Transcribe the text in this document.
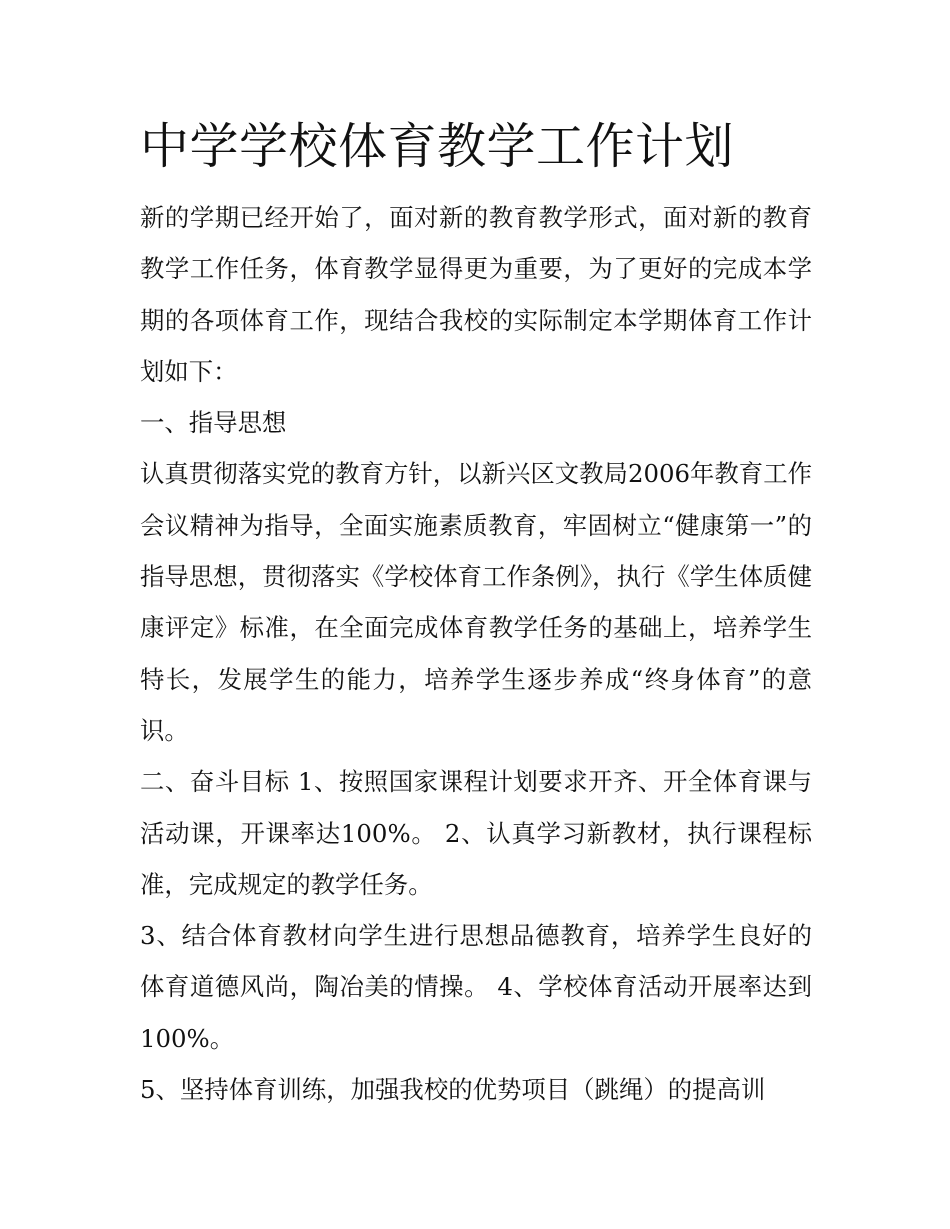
中学学校体育教学工作计划

新的学期已经开始了，面对新的教育教学形式，面对新的教育教学工作任务，体育教学显得更为重要，为了更好的完成本学期的各项体育工作，现结合我校的实际制定本学期体育工作计划如下：

一、指导思想

认真贯彻落实党的教育方针，以新兴区文教局2006年教育工作会议精神为指导，全面实施素质教育，牢固树立“健康第一”的指导思想，贯彻落实《学校体育工作条例》，执行《学生体质健康评定》标准，在全面完成体育教学任务的基础上，培养学生特长，发展学生的能力，培养学生逐步养成“终身体育”的意识。

二、奋斗目标 1、按照国家课程计划要求开齐、开全体育课与活动课，开课率达100%。 2、认真学习新教材，执行课程标准，完成规定的教学任务。

3、结合体育教材向学生进行思想品德教育，培养学生良好的体育道德风尚，陶冶美的情操。 4、学校体育活动开展率达到100%。

5、坚持体育训练，加强我校的优势项目（跳绳）的提高训
